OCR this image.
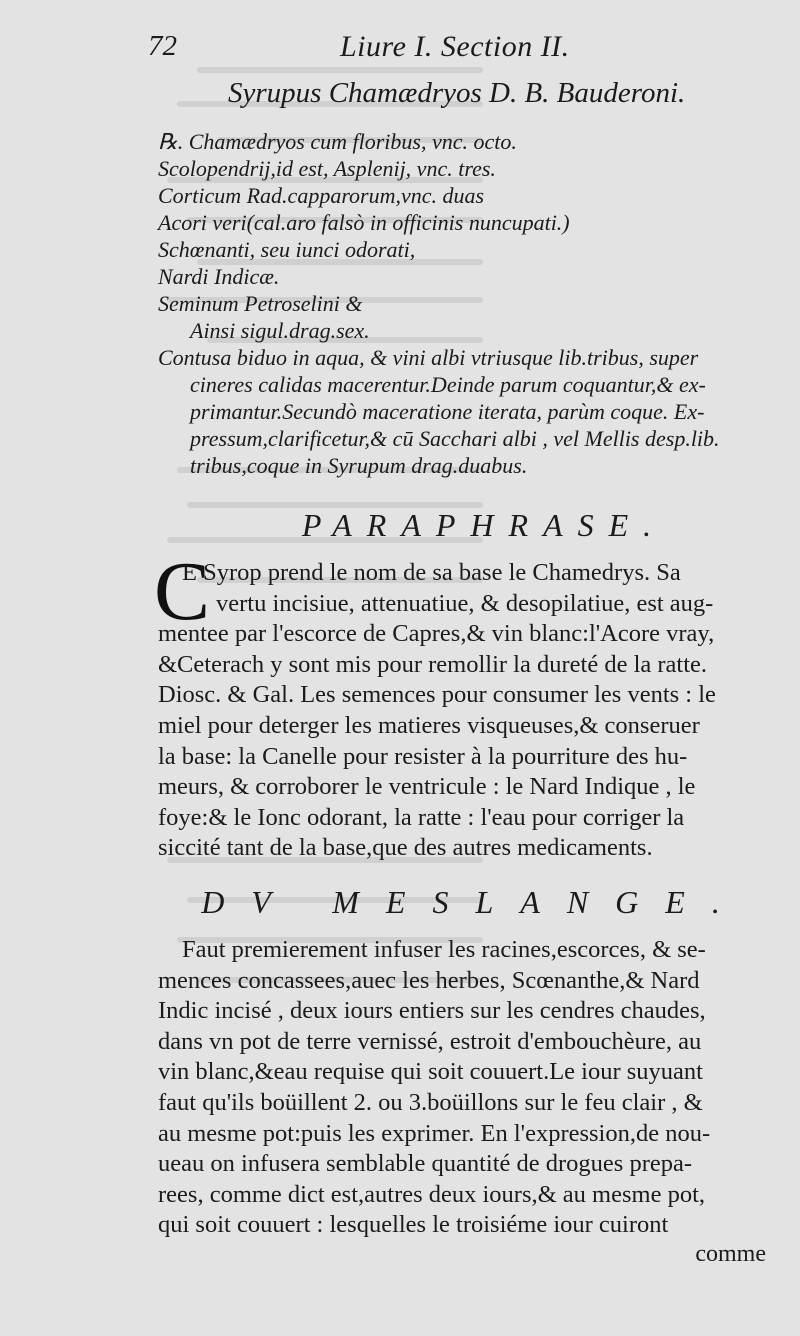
72	Liure I. Section II.
Syrupus Chamædryos D. B. Bauderoni.
℞. Chamædryos cum floribus, vnc. octo.
Scolopendrij,id est, Asplenij, vnc. tres.
Corticum Rad.capparorum,vnc. duas
Acori veri(cal.aro falsò in officinis nuncupati.)
Schœnanti, seu iunci odorati,
Nardi Indicæ.
Seminum Petroselini &
Ainsi sigul.drag.sex.
Contusa biduo in aqua, & vini albi vtriusque lib.tribus, super
cineres calidas macerentur.Deinde parum coquantur,& ex-
primantur.Secundò maceratione iterata, parùm coque. Ex-
pressum,clarificetur,& cū Sacchari albi , vel Mellis desp.lib.
tribus,coque in Syrupum drag.duabus.
PARAPHRASE.
C
E Syrop prend le nom de sa base le Chamedrys. Sa
vertu incisiue, attenuatiue, & desopilatiue, est aug-
mentee par l'escorce de Capres,& vin blanc:l'Acore vray,
&Ceterach y sont mis pour remollir la dureté de la ratte.
Diosc. & Gal. Les semences pour consumer les vents : le
miel pour deterger les matieres visqueuses,& conseruer
la base: la Canelle pour resister à la pourriture des hu-
meurs, & corroborer le ventricule : le Nard Indique , le
foye:& le Ionc odorant, la ratte : l'eau pour corriger la
siccité tant de la base,que des autres medicaments.
DV MESLANGE.
Faut premierement infuser les racines,escorces, & se-
mences concassees,auec les herbes, Scœnanthe,& Nard
Indic incisé , deux iours entiers sur les cendres chaudes,
dans vn pot de terre vernissé, estroit d'embouchèure, au
vin blanc,&eau requise qui soit couuert.Le iour suyuant
faut qu'ils boüillent 2. ou 3.boüillons sur le feu clair , &
au mesme pot:puis les exprimer. En l'expression,de nou-
ueau on infusera semblable quantité de drogues prepa-
rees, comme dict est,autres deux iours,& au mesme pot,
qui soit couuert : lesquelles le troisiéme iour cuiront
comme
